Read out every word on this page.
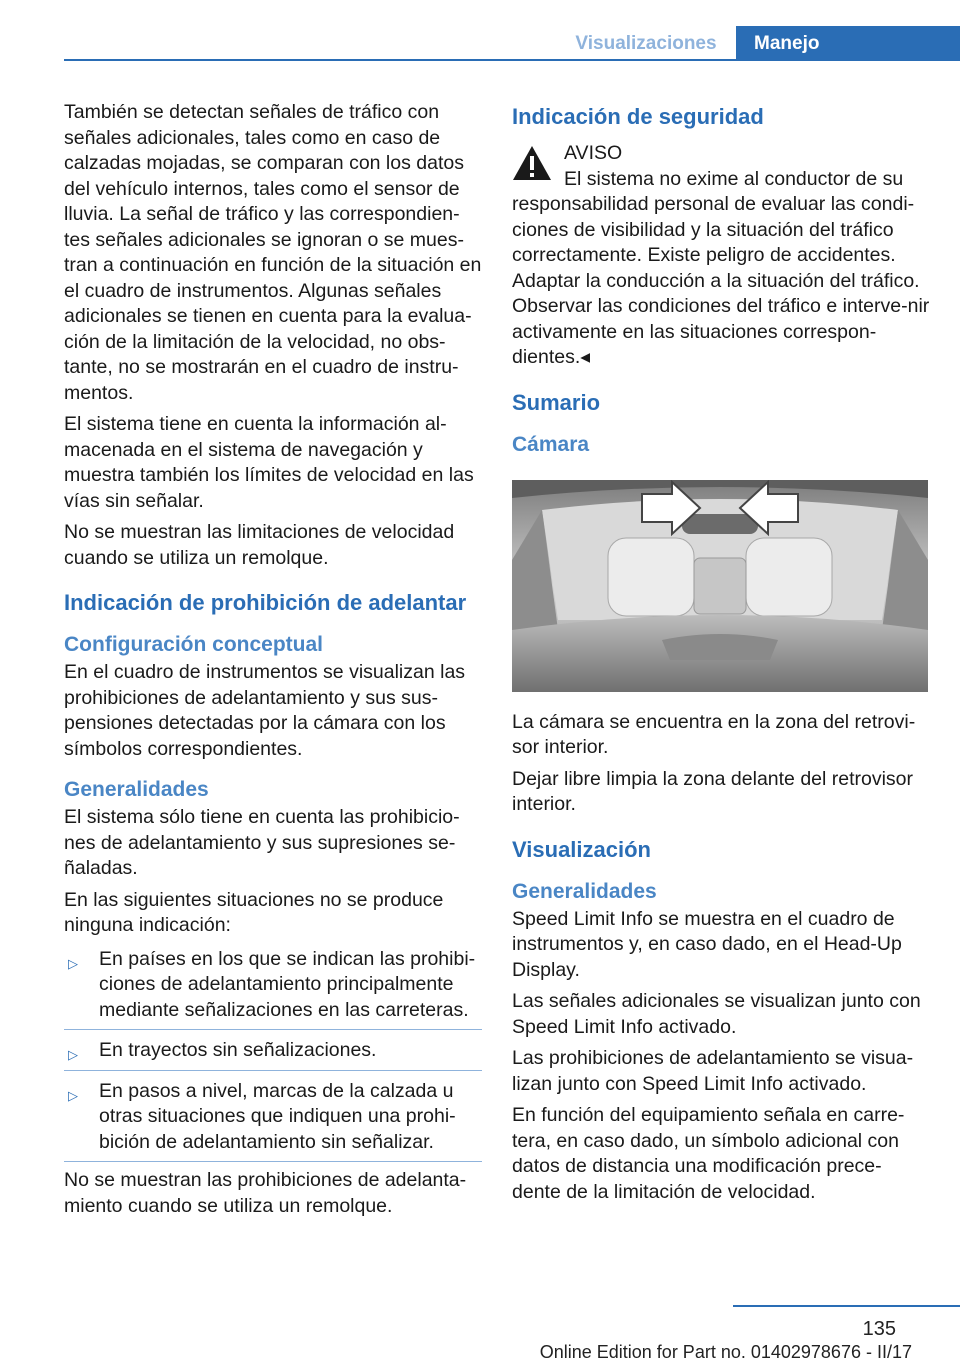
Visualizaciones	Manejo

También se detectan señales de tráfico con señales adicionales, tales como en caso de calzadas mojadas, se comparan con los datos del vehículo internos, tales como el sensor de lluvia. La señal de tráfico y las correspondien-tes señales adicionales se ignoran o se mues-tran a continuación en función de la situación en el cuadro de instrumentos. Algunas señales adicionales se tienen en cuenta para la evalua-ción de la limitación de la velocidad, no obs-tante, no se mostrarán en el cuadro de instru-mentos.

El sistema tiene en cuenta la información al-macenada en el sistema de navegación y muestra también los límites de velocidad en las vías sin señalar.

No se muestran las limitaciones de velocidad cuando se utiliza un remolque.

Indicación de prohibición de adelantar
Configuración conceptual

En el cuadro de instrumentos se visualizan las prohibiciones de adelantamiento y sus sus-pensiones detectadas por la cámara con los símbolos correspondientes.

Generalidades

El sistema sólo tiene en cuenta las prohibicio-nes de adelantamiento y sus supresiones se-ñaladas.

En las siguientes situaciones no se produce ninguna indicación:

▷ En países en los que se indican las prohibi-ciones de adelantamiento principalmente mediante señalizaciones en las carreteras.
▷ En trayectos sin señalizaciones.
▷ En pasos a nivel, marcas de la calzada u otras situaciones que indiquen una prohi-bición de adelantamiento sin señalizar.

No se muestran las prohibiciones de adelanta-miento cuando se utiliza un remolque.

Indicación de seguridad
AVISO
El sistema no exime al conductor de su

responsabilidad personal de evaluar las condi-ciones de visibilidad y la situación del tráfico correctamente. Existe peligro de accidentes. Adaptar la conducción a la situación del tráfico. Observar las condiciones del tráfico e interve-nir activamente en las situaciones correspon-dientes.◂

Sumario
Cámara

La cámara se encuentra en la zona del retrovi-sor interior.

Dejar libre limpia la zona delante del retrovisor interior.

Visualización
Generalidades

Speed Limit Info se muestra en el cuadro de instrumentos y, en caso dado, en el Head-Up Display.

Las señales adicionales se visualizan junto con Speed Limit Info activado.

Las prohibiciones de adelantamiento se visua-lizan junto con Speed Limit Info activado.

En función del equipamiento señala en carre-tera, en caso dado, un símbolo adicional con datos de distancia una modificación prece-dente de la limitación de velocidad.

135
Online Edition for Part no. 01402978676 - II/17
